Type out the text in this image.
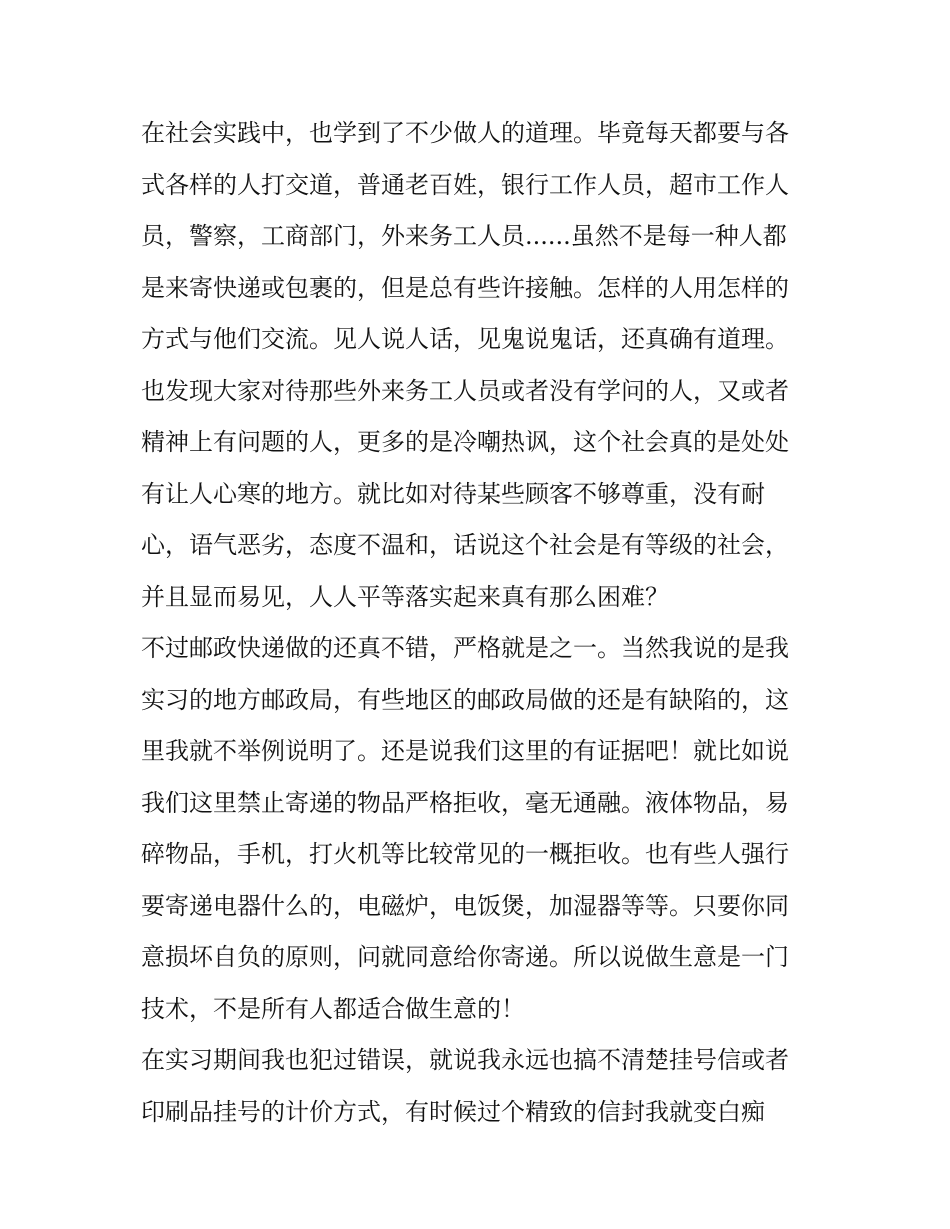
在社会实践中，也学到了不少做人的道理。毕竟每天都要与各
式各样的人打交道，普通老百姓，银行工作人员，超市工作人
员，警察，工商部门，外来务工人员......虽然不是每一种人都
是来寄快递或包裹的，但是总有些许接触。怎样的人用怎样的
方式与他们交流。见人说人话，见鬼说鬼话，还真确有道理。
也发现大家对待那些外来务工人员或者没有学问的人，又或者
精神上有问题的人，更多的是冷嘲热讽，这个社会真的是处处
有让人心寒的地方。就比如对待某些顾客不够尊重，没有耐
心，语气恶劣，态度不温和，话说这个社会是有等级的社会，
并且显而易见，人人平等落实起来真有那么困难？
不过邮政快递做的还真不错，严格就是之一。当然我说的是我
实习的地方邮政局，有些地区的邮政局做的还是有缺陷的，这
里我就不举例说明了。还是说我们这里的有证据吧！就比如说
我们这里禁止寄递的物品严格拒收，毫无通融。液体物品，易
碎物品，手机，打火机等比较常见的一概拒收。也有些人强行
要寄递电器什么的，电磁炉，电饭煲，加湿器等等。只要你同
意损坏自负的原则，问就同意给你寄递。所以说做生意是一门
技术，不是所有人都适合做生意的！
在实习期间我也犯过错误，就说我永远也搞不清楚挂号信或者
印刷品挂号的计价方式，有时候过个精致的信封我就变白痴
